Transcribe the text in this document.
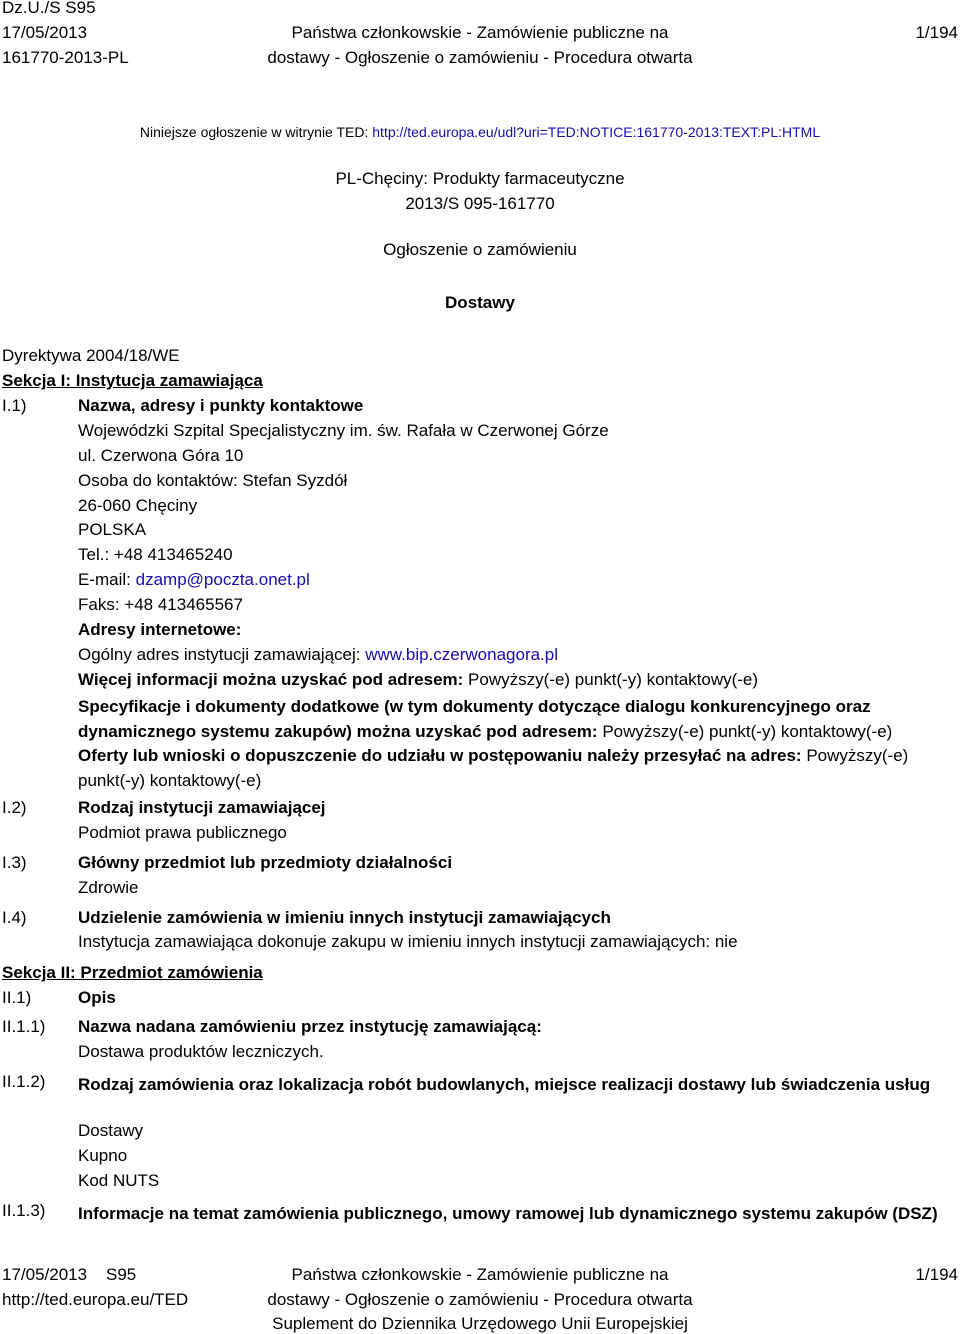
Dz.U./S S95
17/05/2013
161770-2013-PL
Państwa członkowskie - Zamówienie publiczne na
dostawy - Ogłoszenie o zamówieniu - Procedura otwarta
1/194
Niniejsze ogłoszenie w witrynie TED: http://ted.europa.eu/udl?uri=TED:NOTICE:161770-2013:TEXT:PL:HTML
PL-Chęciny: Produkty farmaceutyczne
2013/S 095-161770
Ogłoszenie o zamówieniu
Dostawy
Dyrektywa 2004/18/WE
Sekcja I: Instytucja zamawiająca
I.1)	Nazwa, adresy i punkty kontaktowe
Wojewódzki Szpital Specjalistyczny im. św. Rafała w Czerwonej Górze
ul. Czerwona Góra 10
Osoba do kontaktów: Stefan Syzdół
26-060 Chęciny
POLSKA
Tel.: +48 413465240
E-mail: dzamp@poczta.onet.pl
Faks: +48 413465567
Adresy internetowe:
Ogólny adres instytucji zamawiającej: www.bip.czerwonagora.pl
Więcej informacji można uzyskać pod adresem: Powyższy(-e) punkt(-y) kontaktowy(-e)
Specyfikacje i dokumenty dodatkowe (w tym dokumenty dotyczące dialogu konkurencyjnego oraz dynamicznego systemu zakupów) można uzyskać pod adresem: Powyższy(-e) punkt(-y) kontaktowy(-e)
Oferty lub wnioski o dopuszczenie do udziału w postępowaniu należy przesyłać na adres: Powyższy(-e) punkt(-y) kontaktowy(-e)
I.2)	Rodzaj instytucji zamawiającej
Podmiot prawa publicznego
I.3)	Główny przedmiot lub przedmioty działalności
Zdrowie
I.4)	Udzielenie zamówienia w imieniu innych instytucji zamawiających
Instytucja zamawiająca dokonuje zakupu w imieniu innych instytucji zamawiających: nie
Sekcja II: Przedmiot zamówienia
II.1)	Opis
II.1.1) Nazwa nadana zamówieniu przez instytucję zamawiającą:
Dostawa produktów leczniczych.
II.1.2) Rodzaj zamówienia oraz lokalizacja robót budowlanych, miejsce realizacji dostawy lub świadczenia usług
Dostawy
Kupno
Kod NUTS
II.1.3) Informacje na temat zamówienia publicznego, umowy ramowej lub dynamicznego systemu zakupów (DSZ)
17/05/2013    S95
http://ted.europa.eu/TED
Państwa członkowskie - Zamówienie publiczne na
dostawy - Ogłoszenie o zamówieniu - Procedura otwarta
Suplement do Dziennika Urzędowego Unii Europejskiej
1/194
